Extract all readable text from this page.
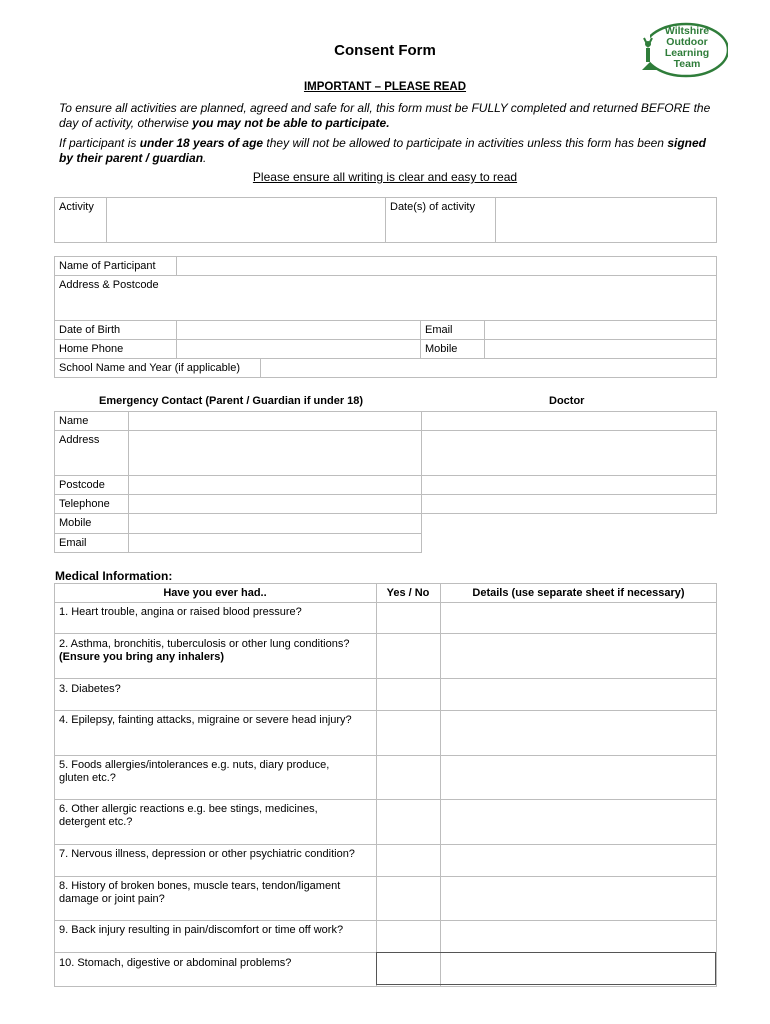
Consent Form
Wiltshire
Outdoor
Learning
Team
IMPORTANT – PLEASE READ
To ensure all activities are planned, agreed and safe for all, this form must be FULLY completed and returned BEFORE the day of activity, otherwise you may not be able to participate.
If participant is under 18 years of age they will not be allowed to participate in activities unless this form has been signed by their parent / guardian.
Please ensure all writing is clear and easy to read
Activity	Date(s) of activity
Name of Participant
Address & Postcode
Date of Birth	Email
Home Phone	Mobile
School Name and Year (if applicable)
Emergency Contact (Parent / Guardian if under 18)	Doctor
Name
Address
Postcode
Telephone
Mobile
Email
Medical Information:
Have you ever had..	Yes / No	Details (use separate sheet if necessary)
1. Heart trouble, angina or raised blood pressure?
2. Asthma, bronchitis, tuberculosis or other lung conditions?
(Ensure you bring any inhalers)
3. Diabetes?
4. Epilepsy, fainting attacks, migraine or severe head injury?
5. Foods allergies/intolerances e.g. nuts, diary produce, gluten etc.?
6. Other allergic reactions e.g. bee stings, medicines, detergent etc.?
7. Nervous illness, depression or other psychiatric condition?
8. History of broken bones, muscle tears, tendon/ligament damage or joint pain?
9. Back injury resulting in pain/discomfort or time off work?
10. Stomach, digestive or abdominal problems?
